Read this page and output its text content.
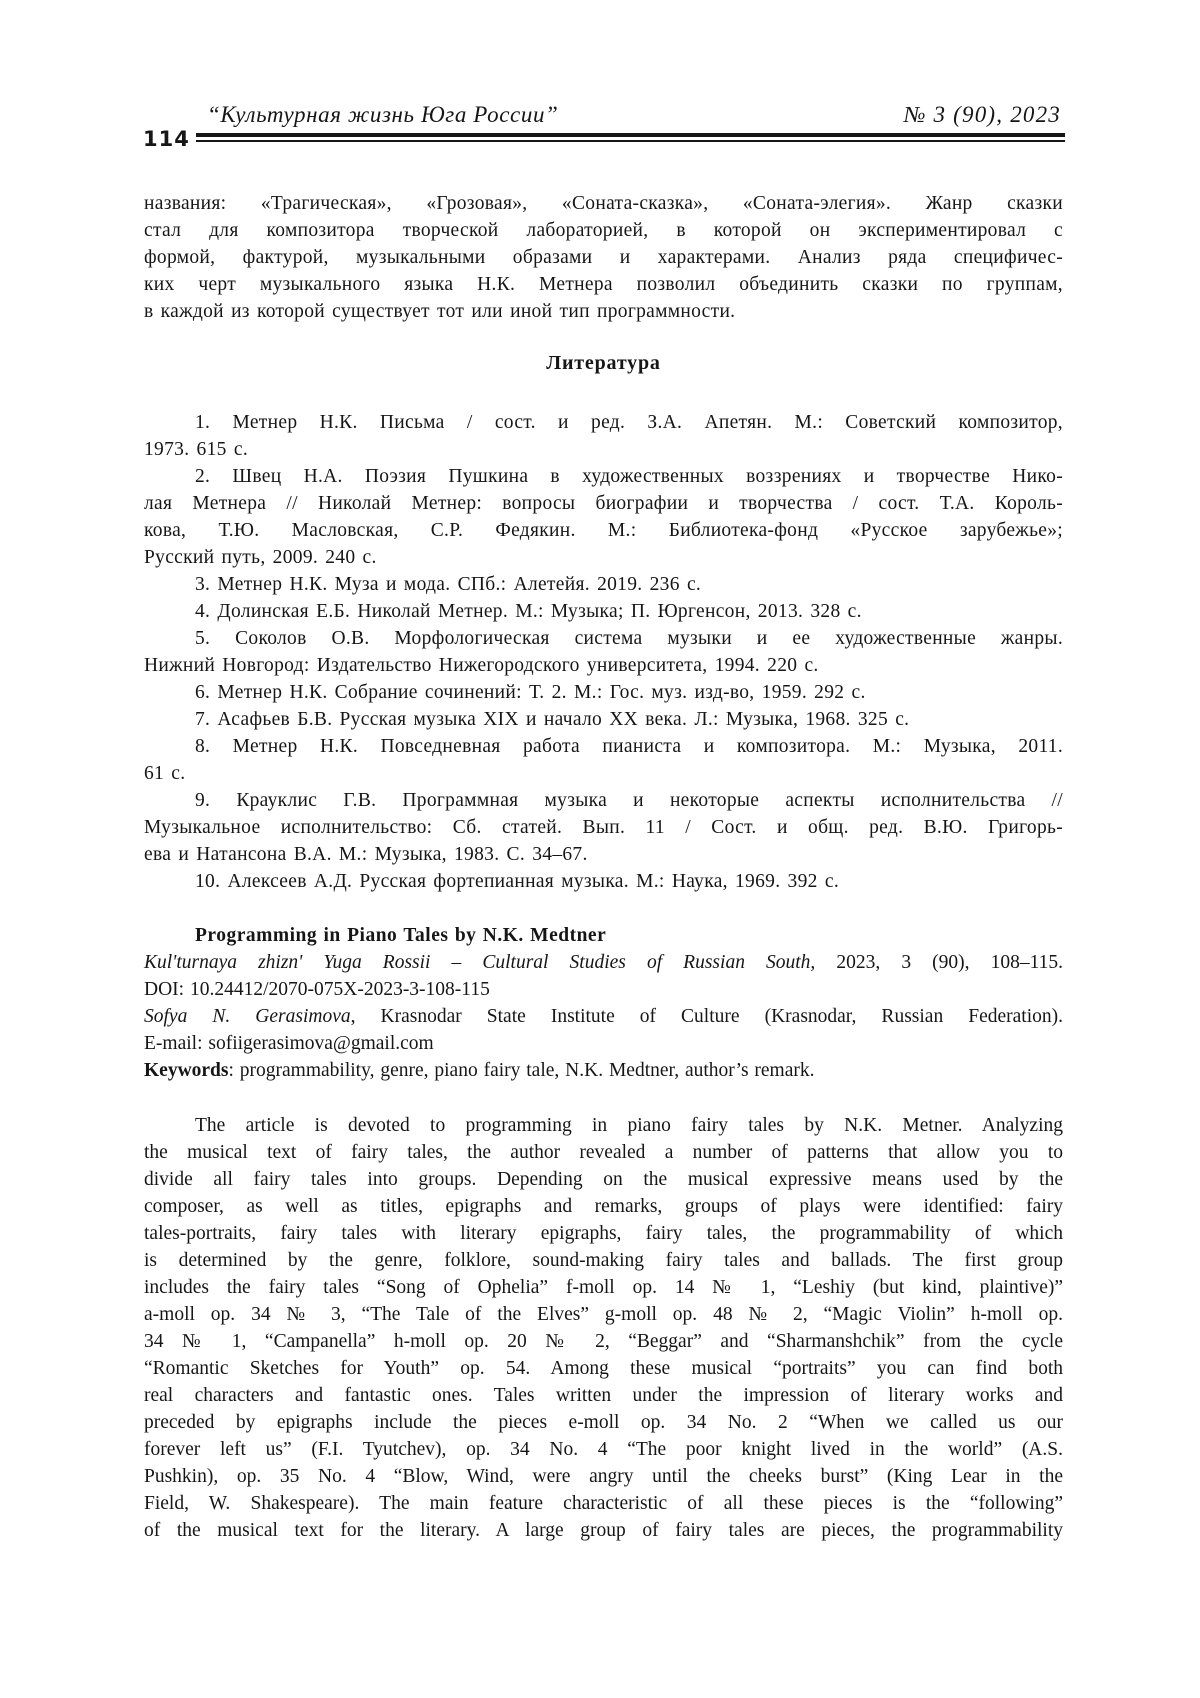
“Культурная жизнь Юга России”	№ 3 (90), 2023
114
названия: «Трагическая», «Грозовая», «Соната-сказка», «Соната-элегия». Жанр сказки
стал для композитора творческой лабораторией, в которой он экспериментировал с
формой, фактурой, музыкальными образами и характерами. Анализ ряда специфичес-
ких черт музыкального языка Н.К. Метнера позволил объединить сказки по группам,
в каждой из которой существует тот или иной тип программности.
Литература
1. Метнер Н.К. Письма / сост. и ред. З.А. Апетян. М.: Советский композитор,
1973. 615 с.
2. Швец Н.А. Поэзия Пушкина в художественных воззрениях и творчестве Нико-
лая Метнера // Николай Метнер: вопросы биографии и творчества / сост. Т.А. Король-
кова, Т.Ю. Масловская, С.Р. Федякин. М.: Библиотека-фонд «Русское зарубежье»;
Русский путь, 2009. 240 с.
3. Метнер Н.К. Муза и мода. СПб.: Алетейя. 2019. 236 с.
4. Долинская Е.Б. Николай Метнер. М.: Музыка; П. Юргенсон, 2013. 328 с.
5. Соколов О.В. Морфологическая система музыки и ее художественные жанры.
Нижний Новгород: Издательство Нижегородского университета, 1994. 220 с.
6. Метнер Н.К. Собрание сочинений: Т. 2. М.: Гос. муз. изд-во, 1959. 292 с.
7. Асафьев Б.В. Русская музыка XIX и начало XX века. Л.: Музыка, 1968. 325 с.
8. Метнер Н.К. Повседневная работа пианиста и композитора. М.: Музыка, 2011.
61 с.
9. Крауклис Г.В. Программная музыка и некоторые аспекты исполнительства //
Музыкальное исполнительство: Сб. статей. Вып. 11 / Сост. и общ. ред. В.Ю. Григорь-
ева и Натансона В.А. М.: Музыка, 1983. С. 34–67.
10. Алексеев А.Д. Русская фортепианная музыка. М.: Наука, 1969. 392 с.
Programming in Piano Tales by N.K. Medtner
Kul'turnaya zhizn' Yuga Rossii – Cultural Studies of Russian South, 2023, 3 (90), 108–115.
DOI: 10.24412/2070-075X-2023-3-108-115
Sofya N. Gerasimova, Krasnodar State Institute of Culture (Krasnodar, Russian Federation).
E-mail: sofiigerasimova@gmail.com
Keywords: programmability, genre, piano fairy tale, N.K. Medtner, author’s remark.
The article is devoted to programming in piano fairy tales by N.K. Metner. Analyzing
the musical text of fairy tales, the author revealed a number of patterns that allow you to
divide all fairy tales into groups. Depending on the musical expressive means used by the
composer, as well as titles, epigraphs and remarks, groups of plays were identified: fairy
tales-portraits, fairy tales with literary epigraphs, fairy tales, the programmability of which
is determined by the genre, folklore, sound-making fairy tales and ballads. The first group
includes the fairy tales “Song of Ophelia” f-moll op. 14 № 1, “Leshiy (but kind, plaintive)”
a-moll op. 34 № 3, “The Tale of the Elves” g-moll op. 48 № 2, “Magic Violin” h-moll op.
34 № 1, “Campanella” h-moll op. 20 № 2, “Beggar” and “Sharmanshchik” from the cycle
“Romantic Sketches for Youth” op. 54. Among these musical “portraits” you can find both
real characters and fantastic ones. Tales written under the impression of literary works and
preceded by epigraphs include the pieces e-moll op. 34 No. 2 “When we called us our
forever left us” (F.I. Tyutchev), op. 34 No. 4 “The poor knight lived in the world” (A.S.
Pushkin), op. 35 No. 4 “Blow, Wind, were angry until the cheeks burst” (King Lear in the
Field, W. Shakespeare). The main feature characteristic of all these pieces is the “following”
of the musical text for the literary. A large group of fairy tales are pieces, the programmability
